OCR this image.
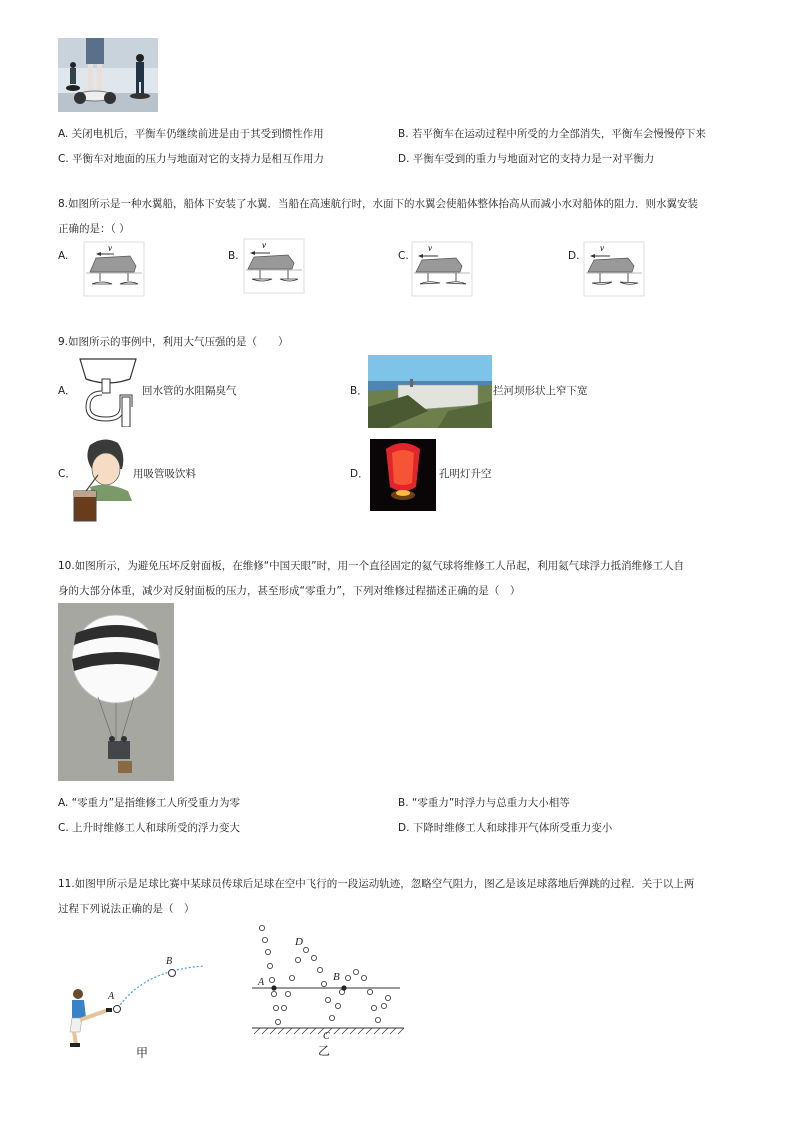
A. 关闭电机后，平衡车仍继续前进是由于其受到惯性作用	B. 若平衡车在运动过程中所受的力全部消失，平衡车会慢慢停下来
C. 平衡车对地面的压力与地面对它的支持力是相互作用力	D. 平衡车受到的重力与地面对它的支持力是一对平衡力
8.如图所示是一种水翼船，船体下安装了水翼．当船在高速航行时，水面下的水翼会使船体整体抬高从而减小水对船体的阻力．则水翼安装
正确的是：（ ）
A.	B.	C.	D.
v	v	v	v
9.如图所示的事例中，利用大气压强的是（　　）
A．	回水管的水阻隔臭气	B．	拦河坝形状上窄下宽
C．	用吸管吸饮料	D．	孔明灯升空
10.如图所示，为避免压坏反射面板，在维修“中国天眼”时，用一个直径固定的氦气球将维修工人吊起，利用氦气球浮力抵消维修工人自
身的大部分体重，减少对反射面板的压力，甚至形成“零重力”，下列对维修过程描述正确的是（　）
A. “零重力”是指维修工人所受重力为零	B. “零重力”时浮力与总重力大小相等
C. 上升时维修工人和球所受的浮力变大	D. 下降时维修工人和球排开气体所受重力变小
11.如图甲所示是足球比赛中某球员传球后足球在空中飞行的一段运动轨迹，忽略空气阻力，图乙是该足球落地后弹跳的过程．关于以上两
过程下列说法正确的是（　）
A
B
甲
D
A	B
C
乙
